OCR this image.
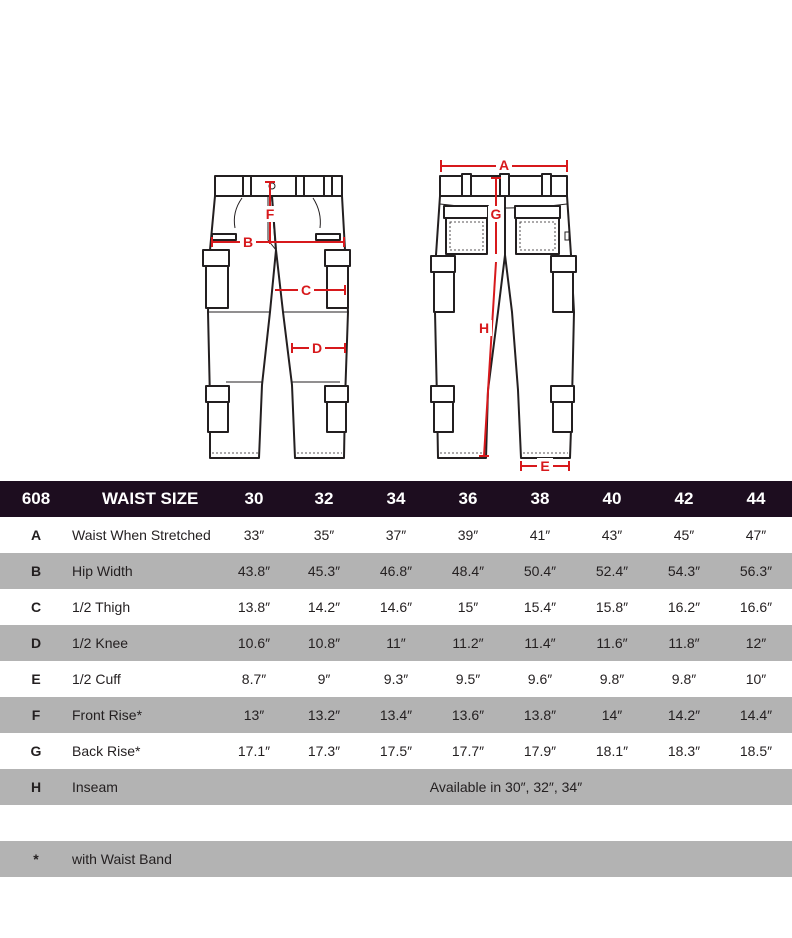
A
B
C
D
E
F	G
H
608	WAIST SIZE	30	32	34	36	38	40	42	44
A	Waist When Stretched	33″	35″	37″	39″	41″	43″	45″	47″
B	Hip Width	43.8″	45.3″	46.8″	48.4″	50.4″	52.4″	54.3″	56.3″
C	1/2 Thigh	13.8″	14.2″	14.6″	15″	15.4″	15.8″	16.2″	16.6″
D	1/2 Knee	10.6″	10.8″	11″	11.2″	11.4″	11.6″	11.8″	12″
E	1/2 Cuff	8.7″	9″	9.3″	9.5″	9.6″	9.8″	9.8″	10″
F	Front Rise*	13″	13.2″	13.4″	13.6″	13.8″	14″	14.2″	14.4″
G	Back Rise*	17.1″	17.3″	17.5″	17.7″	17.9″	18.1″	18.3″	18.5″
H	Inseam	Available in 30″, 32″, 34″							

*	with Waist Band								
